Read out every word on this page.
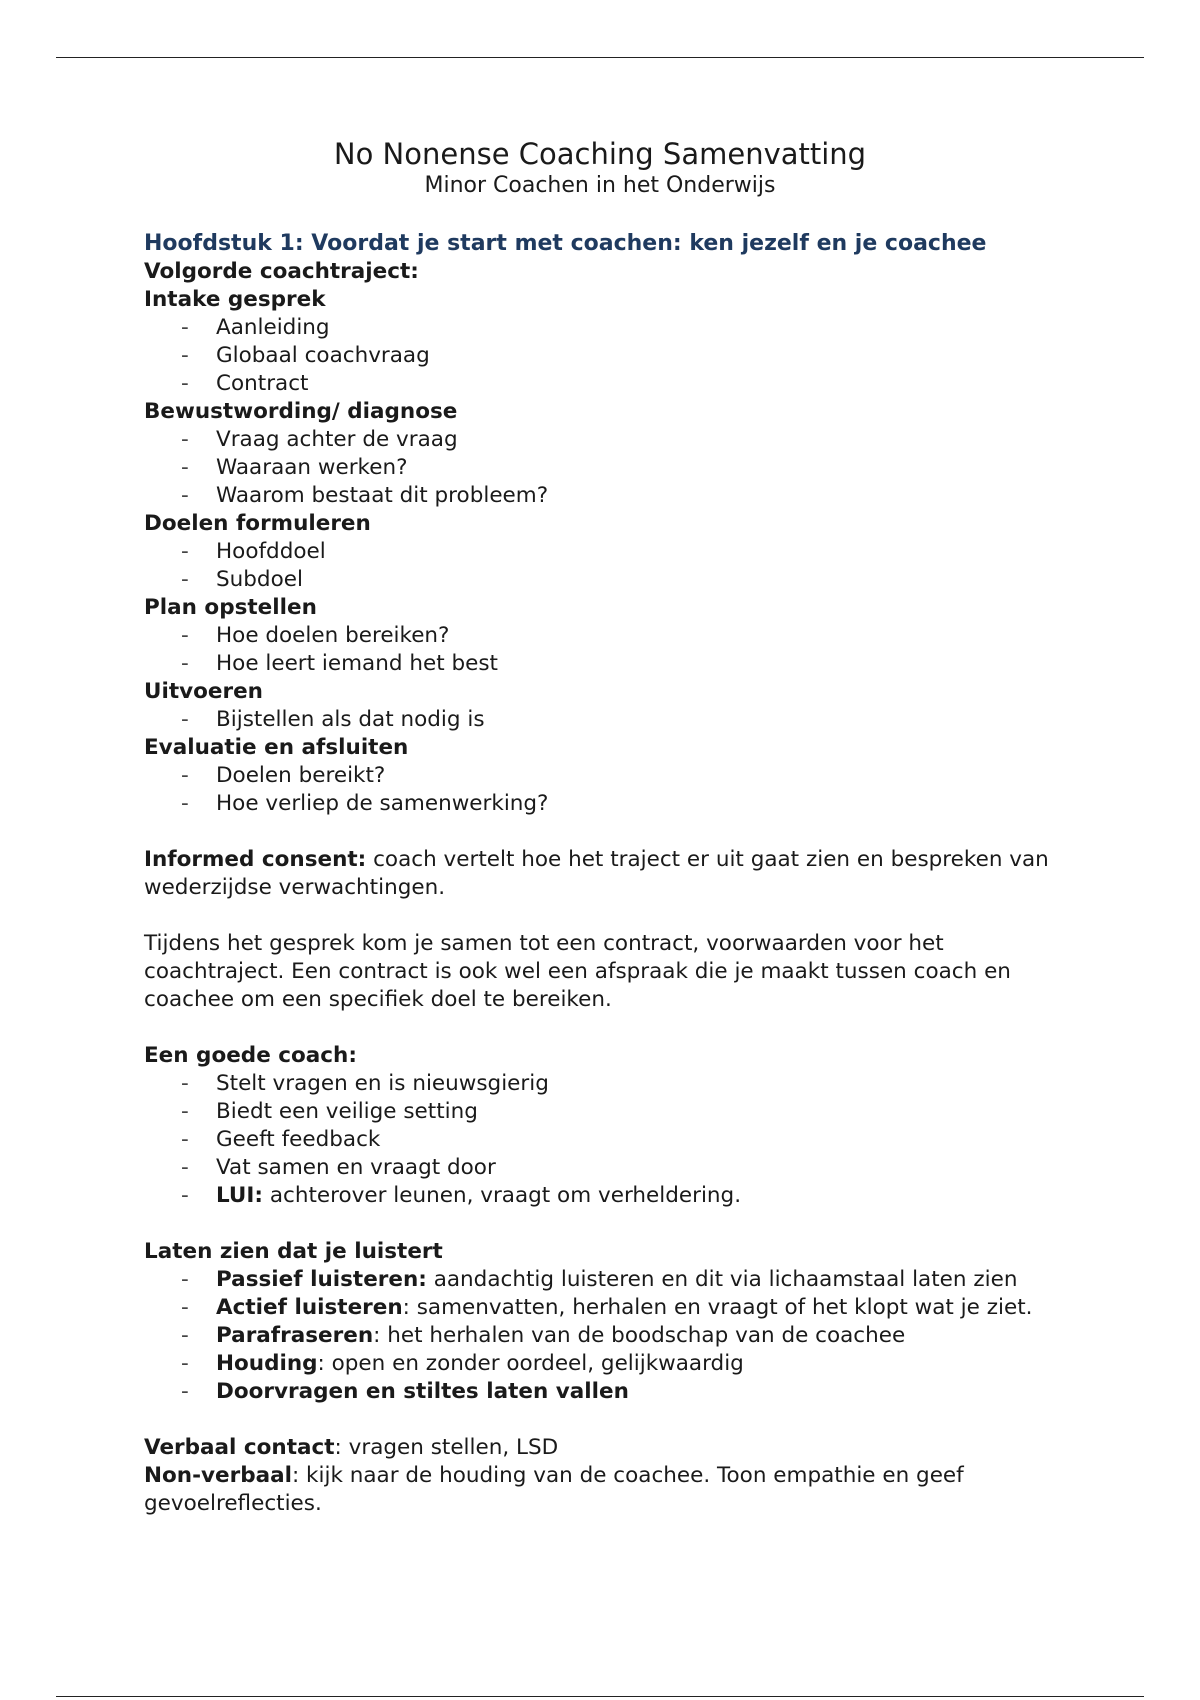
No Nonense Coaching Samenvatting
Minor Coachen in het Onderwijs
Hoofdstuk 1: Voordat je start met coachen: ken jezelf en je coachee
Volgorde coachtraject:
Intake gesprek
- Aanleiding
- Globaal coachvraag
- Contract
Bewustwording/ diagnose
- Vraag achter de vraag
- Waaraan werken?
- Waarom bestaat dit probleem?
Doelen formuleren
- Hoofddoel
- Subdoel
Plan opstellen
- Hoe doelen bereiken?
- Hoe leert iemand het best
Uitvoeren
- Bijstellen als dat nodig is
Evaluatie en afsluiten
- Doelen bereikt?
- Hoe verliep de samenwerking?

Informed consent: coach vertelt hoe het traject er uit gaat zien en bespreken van wederzijdse verwachtingen.

Tijdens het gesprek kom je samen tot een contract, voorwaarden voor het coachtraject. Een contract is ook wel een afspraak die je maakt tussen coach en coachee om een specifiek doel te bereiken.

Een goede coach:
- Stelt vragen en is nieuwsgierig
- Biedt een veilige setting
- Geeft feedback
- Vat samen en vraagt door
- LUI: achterover leunen, vraagt om verheldering.
Laten zien dat je luistert
- Passief luisteren: aandachtig luisteren en dit via lichaamstaal laten zien
- Actief luisteren: samenvatten, herhalen en vraagt of het klopt wat je ziet.
- Parafraseren: het herhalen van de boodschap van de coachee
- Houding: open en zonder oordeel, gelijkwaardig
- Doorvragen en stiltes laten vallen

Verbaal contact: vragen stellen, LSD

Non-verbaal: kijk naar de houding van de coachee. Toon empathie en geef gevoelreflecties.
